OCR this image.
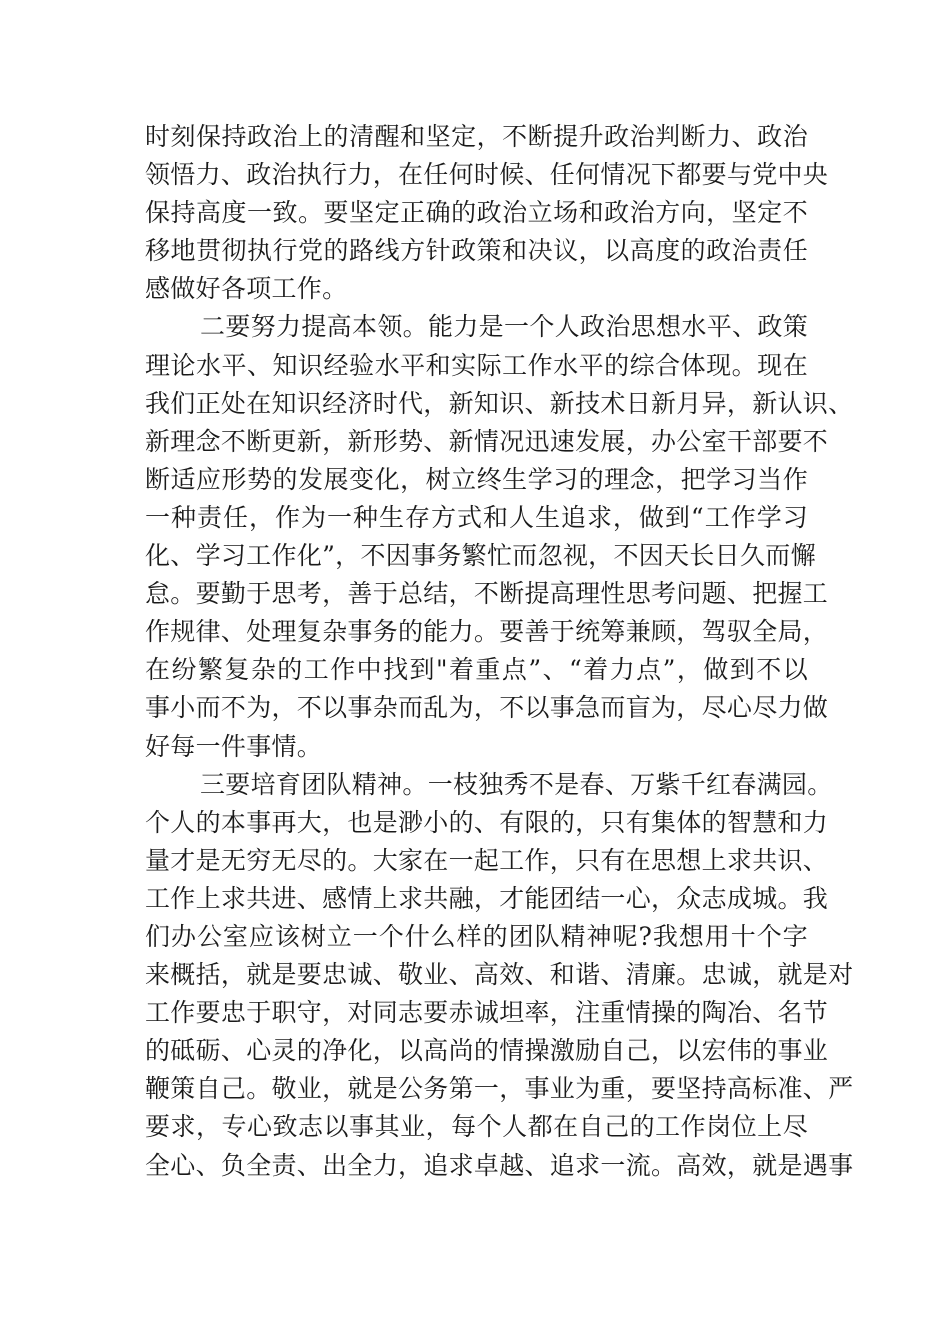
时刻保持政治上的清醒和坚定，不断提升政治判断力、政治
领悟力、政治执行力，在任何时候、任何情况下都要与党中央
保持高度一致。要坚定正确的政治立场和政治方向，坚定不
移地贯彻执行党的路线方针政策和决议，以高度的政治责任
感做好各项工作。
二要努力提高本领。能力是一个人政治思想水平、政策
理论水平、知识经验水平和实际工作水平的综合体现。现在
我们正处在知识经济时代，新知识、新技术日新月异，新认识、
新理念不断更新，新形势、新情况迅速发展，办公室干部要不
断适应形势的发展变化，树立终生学习的理念，把学习当作
一种责任，作为一种生存方式和人生追求，做到“工作学习
化、学习工作化”，不因事务繁忙而忽视，不因天长日久而懈
怠。要勤于思考，善于总结，不断提高理性思考问题、把握工
作规律、处理复杂事务的能力。要善于统筹兼顾，驾驭全局，
在纷繁复杂的工作中找到"着重点”、“着力点”，做到不以
事小而不为，不以事杂而乱为，不以事急而盲为，尽心尽力做
好每一件事情。
三要培育团队精神。一枝独秀不是春、万紫千红春满园。
个人的本事再大，也是渺小的、有限的，只有集体的智慧和力
量才是无穷无尽的。大家在一起工作，只有在思想上求共识、
工作上求共进、感情上求共融，才能团结一心，众志成城。我
们办公室应该树立一个什么样的团队精神呢?我想用十个字
来概括，就是要忠诚、敬业、高效、和谐、清廉。忠诚，就是对
工作要忠于职守，对同志要赤诚坦率，注重情操的陶冶、名节
的砥砺、心灵的净化，以高尚的情操激励自己，以宏伟的事业
鞭策自己。敬业，就是公务第一，事业为重，要坚持高标准、严
要求，专心致志以事其业，每个人都在自己的工作岗位上尽
全心、负全责、出全力，追求卓越、追求一流。高效，就是遇事
